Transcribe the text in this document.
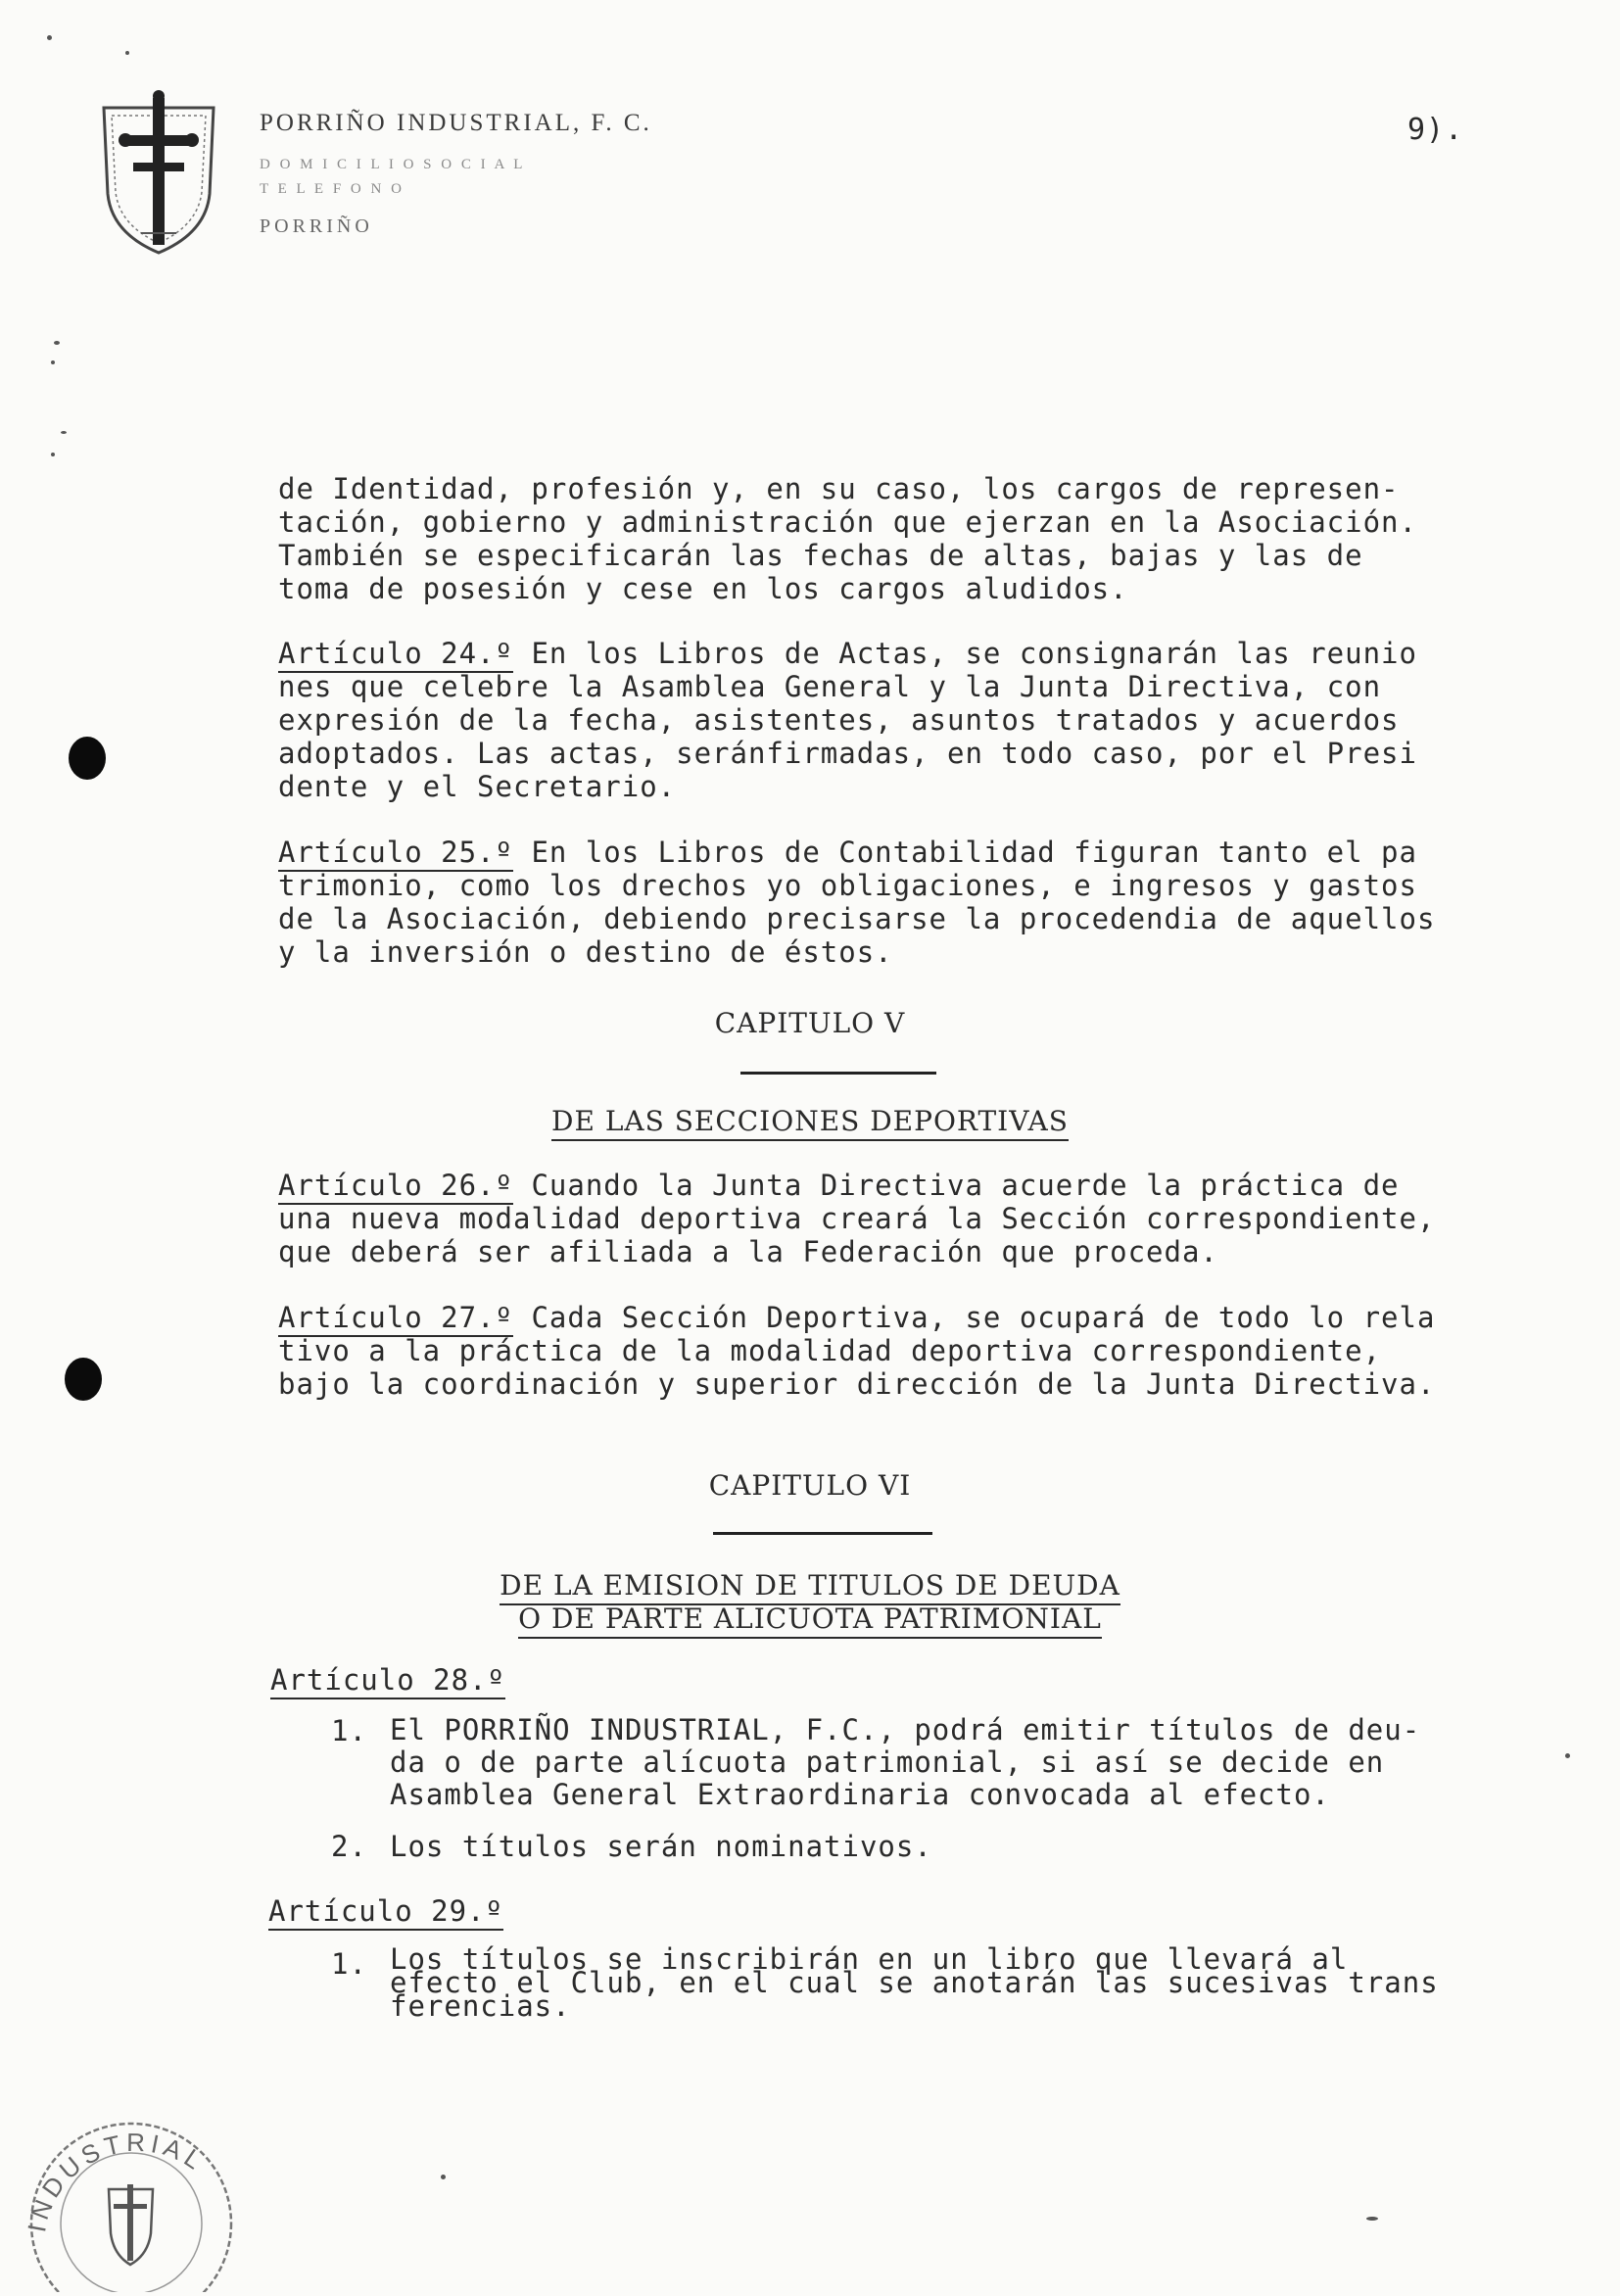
PORRIÑO INDUSTRIAL, F. C.
D O M I C I L I O S O C I A L
T E L E F O N O
PORRIÑO
9).

de Identidad, profesión y, en su caso, los cargos de represen-
tación, gobierno y administración que ejerzan en la Asociación.
También se especificarán las fechas de altas, bajas y las de
toma de posesión y cese en los cargos aludidos.

Artículo 24.º En los Libros de Actas, se consignarán las reunio
nes que celebre la Asamblea General y la Junta Directiva, con
expresión de la fecha, asistentes, asuntos tratados y acuerdos
adoptados. Las actas, seránfirmadas, en todo caso, por el Presi
dente y el Secretario.

Artículo 25.º En los Libros de Contabilidad figuran tanto el pa
trimonio, como los drechos yo obligaciones, e ingresos y gastos
de la Asociación, debiendo precisarse la procedendia de aquellos
y la inversión o destino de éstos.

CAPITULO V
DE LAS SECCIONES DEPORTIVAS

Artículo 26.º Cuando la Junta Directiva acuerde la práctica de
una nueva modalidad deportiva creará la Sección correspondiente,
que deberá ser afiliada a la Federación que proceda.

Artículo 27.º Cada Sección Deportiva, se ocupará de todo lo rela
tivo a la práctica de la modalidad deportiva correspondiente,
bajo la coordinación y superior dirección de la Junta Directiva.

CAPITULO VI
DE LA EMISION DE TITULOS DE DEUDA
O DE PARTE ALICUOTA PATRIMONIAL
Artículo 28.º
1. El PORRIÑO INDUSTRIAL, F.C., podrá emitir títulos de deu-
da o de parte alícuota patrimonial, si así se decide en
Asamblea General Extraordinaria convocada al efecto.

2. Los títulos serán nominativos.

Artículo 29.º
1. Los títulos se inscribirán en un libro que llevará al
efecto el Club, en el cual se anotarán las sucesivas trans
ferencias.

INDUSTRIAL
